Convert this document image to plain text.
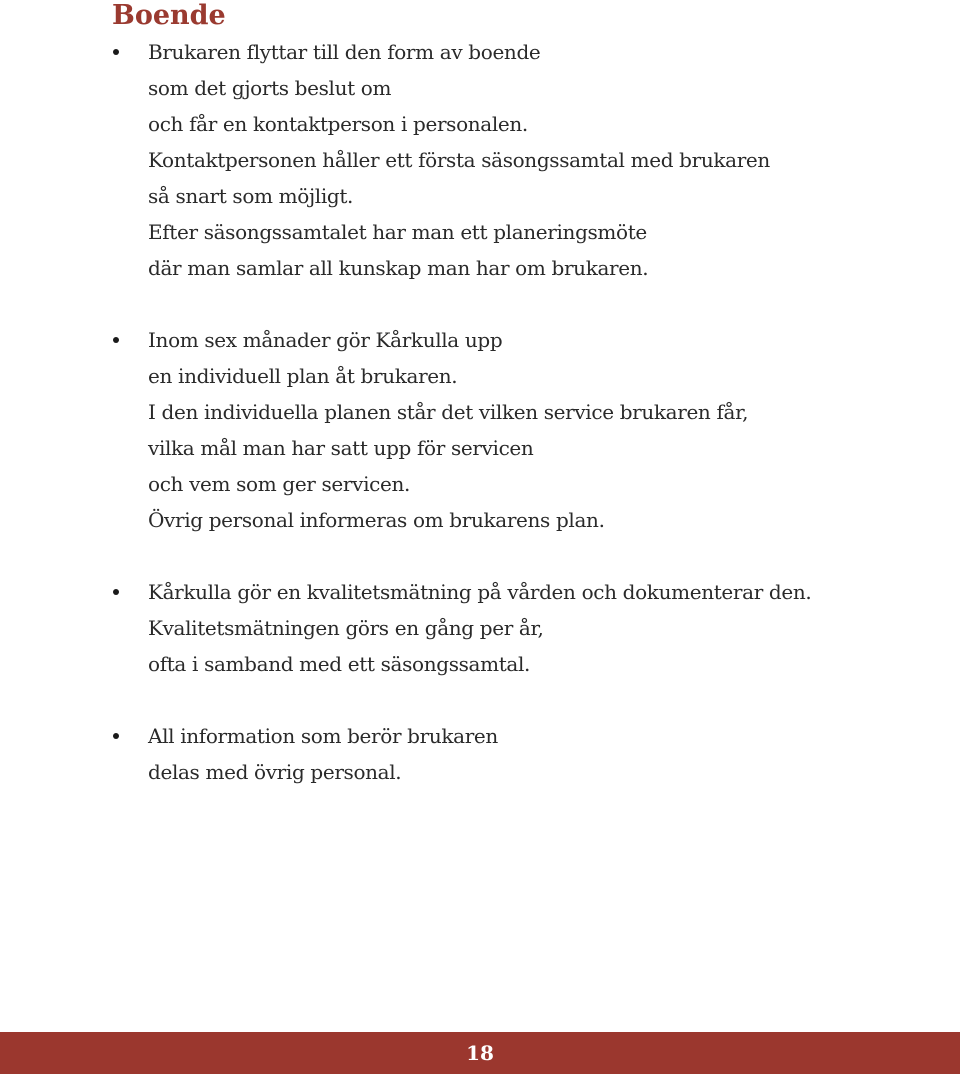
Boende
Brukaren flyttar till den form av boende
som det gjorts beslut om
och får en kontaktperson i personalen.
Kontaktpersonen håller ett första säsongssamtal med brukaren
så snart som möjligt.
Efter säsongssamtalet har man ett planeringsmöte
där man samlar all kunskap man har om brukaren.
Inom sex månader gör Kårkulla upp
en individuell plan åt brukaren.
I den individuella planen står det vilken service brukaren får,
vilka mål man har satt upp för servicen
och vem som ger servicen.
Övrig personal informeras om brukarens plan.
Kårkulla gör en kvalitetsmätning på vården och dokumenterar den.
Kvalitetsmätningen görs en gång per år,
ofta i samband med ett säsongssamtal.
All information som berör brukaren
delas med övrig personal.
18
